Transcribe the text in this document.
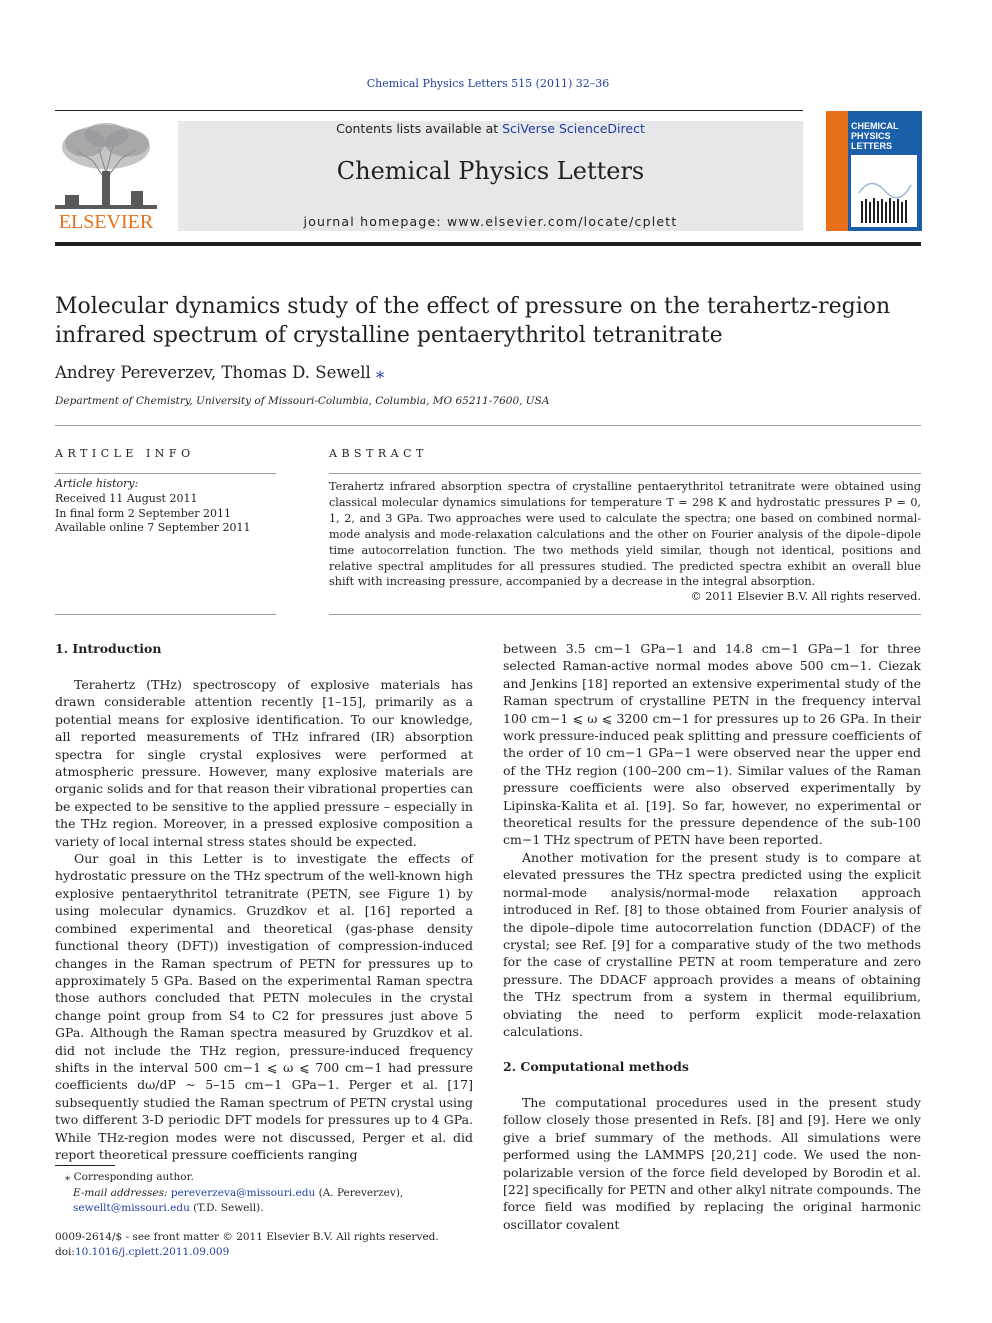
Chemical Physics Letters 515 (2011) 32–36
ELSEVIER
Contents lists available at SciVerse ScienceDirect
Chemical Physics Letters
journal homepage: www.elsevier.com/locate/cplett
CHEMICAL
PHYSICS
LETTERS
Molecular dynamics study of the effect of pressure on the terahertz-region
infrared spectrum of crystalline pentaerythritol tetranitrate
Andrey Pereverzev, Thomas D. Sewell ⁎
Department of Chemistry, University of Missouri-Columbia, Columbia, MO 65211-7600, USA
ARTICLE INFO	ABSTRACT
Article history:
Received 11 August 2011
In final form 2 September 2011
Available online 7 September 2011
Terahertz infrared absorption spectra of crystalline pentaerythritol tetranitrate were obtained using classical molecular dynamics simulations for temperature T = 298 K and hydrostatic pressures P = 0, 1, 2, and 3 GPa. Two approaches were used to calculate the spectra; one based on combined normal-mode analysis and mode-relaxation calculations and the other on Fourier analysis of the dipole–dipole time autocorrelation function. The two methods yield similar, though not identical, positions and relative spectral amplitudes for all pressures studied. The predicted spectra exhibit an overall blue shift with increasing pressure, accompanied by a decrease in the integral absorption.
© 2011 Elsevier B.V. All rights reserved.
1. Introduction

Terahertz (THz) spectroscopy of explosive materials has drawn considerable attention recently [1–15], primarily as a potential means for explosive identification. To our knowledge, all reported measurements of THz infrared (IR) absorption spectra for single crystal explosives were performed at atmospheric pressure. However, many explosive materials are organic solids and for that reason their vibrational properties can be expected to be sensitive to the applied pressure – especially in the THz region. Moreover, in a pressed explosive composition a variety of local internal stress states should be expected.

Our goal in this Letter is to investigate the effects of hydrostatic pressure on the THz spectrum of the well-known high explosive pentaerythritol tetranitrate (PETN, see Figure 1) by using molecular dynamics. Gruzdkov et al. [16] reported a combined experimental and theoretical (gas-phase density functional theory (DFT)) investigation of compression-induced changes in the Raman spectrum of PETN for pressures up to approximately 5 GPa. Based on the experimental Raman spectra those authors concluded that PETN molecules in the crystal change point group from S4 to C2 for pressures just above 5 GPa. Although the Raman spectra measured by Gruzdkov et al. did not include the THz region, pressure-induced frequency shifts in the interval 500 cm−1 ⩽ ω ⩽ 700 cm−1 had pressure coefficients dω/dP ∼ 5–15 cm−1 GPa−1. Perger et al. [17] subsequently studied the Raman spectrum of PETN crystal using two different 3-D periodic DFT models for pressures up to 4 GPa. While THz-region modes were not discussed, Perger et al. did report theoretical pressure coefficients ranging

between 3.5 cm−1 GPa−1 and 14.8 cm−1 GPa−1 for three selected Raman-active normal modes above 500 cm−1. Ciezak and Jenkins [18] reported an extensive experimental study of the Raman spectrum of crystalline PETN in the frequency interval 100 cm−1 ⩽ ω ⩽ 3200 cm−1 for pressures up to 26 GPa. In their work pressure-induced peak splitting and pressure coefficients of the order of 10 cm−1 GPa−1 were observed near the upper end of the THz region (100–200 cm−1). Similar values of the Raman pressure coefficients were also observed experimentally by Lipinska-Kalita et al. [19]. So far, however, no experimental or theoretical results for the pressure dependence of the sub-100 cm−1 THz spectrum of PETN have been reported.

Another motivation for the present study is to compare at elevated pressures the THz spectra predicted using the explicit normal-mode analysis/normal-mode relaxation approach introduced in Ref. [8] to those obtained from Fourier analysis of the dipole–dipole time autocorrelation function (DDACF) of the crystal; see Ref. [9] for a comparative study of the two methods for the case of crystalline PETN at room temperature and zero pressure. The DDACF approach provides a means of obtaining the THz spectrum from a system in thermal equilibrium, obviating the need to perform explicit mode-relaxation calculations.

2. Computational methods

The computational procedures used in the present study follow closely those presented in Refs. [8] and [9]. Here we only give a brief summary of the methods. All simulations were performed using the LAMMPS [20,21] code. We used the non-polarizable version of the force field developed by Borodin et al. [22] specifically for PETN and other alkyl nitrate compounds. The force field was modified by replacing the original harmonic oscillator covalent

⁎ Corresponding author.
E-mail addresses: pereverzeva@missouri.edu (A. Pereverzev), sewellt@missouri.edu (T.D. Sewell).
0009-2614/$ - see front matter © 2011 Elsevier B.V. All rights reserved.
doi:10.1016/j.cplett.2011.09.009
